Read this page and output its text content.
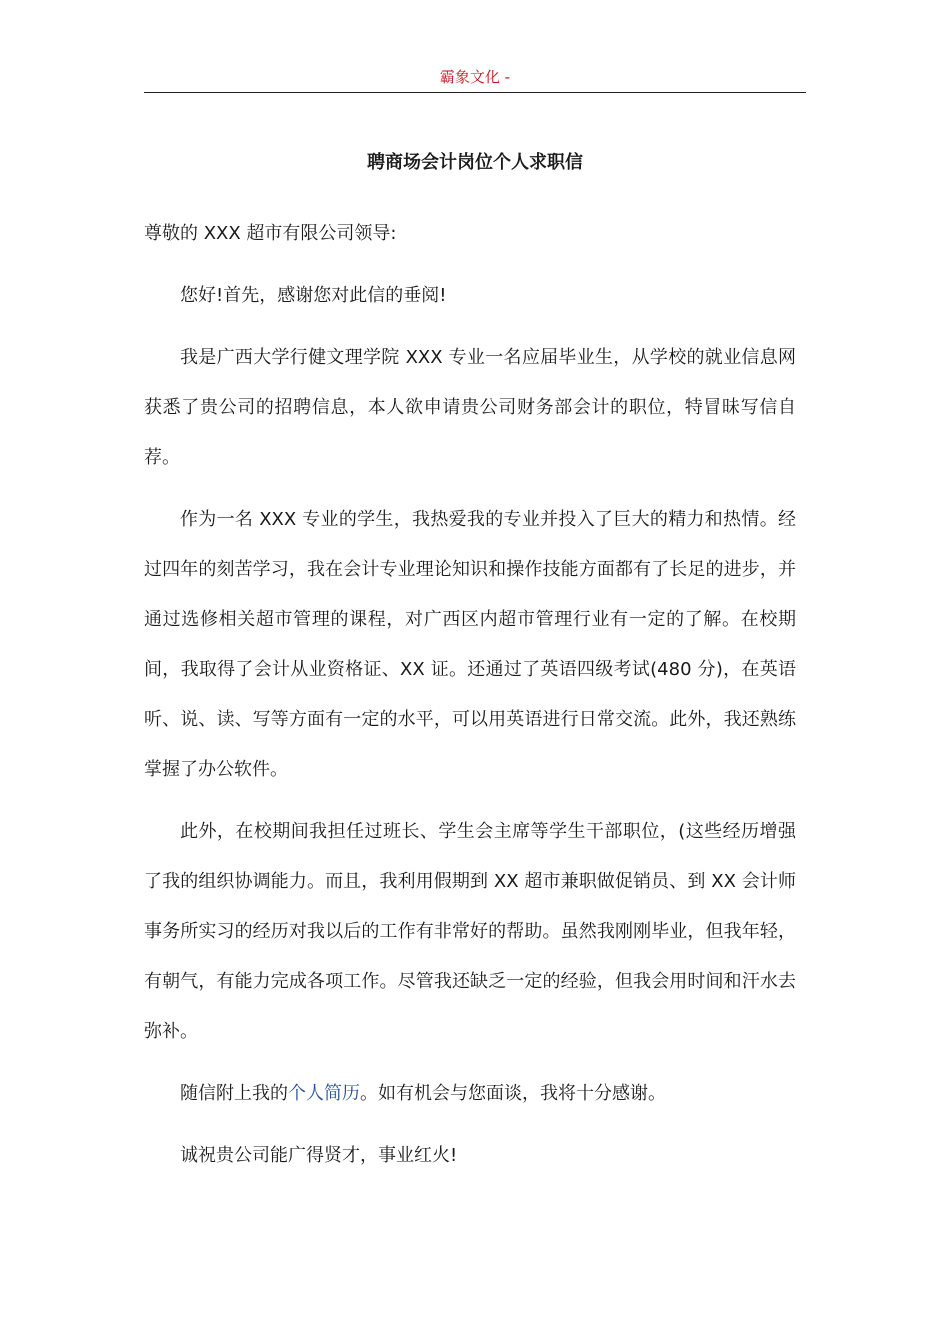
霸象文化 -
聘商场会计岗位个人求职信

尊敬的 XXX 超市有限公司领导:

您好!首先，感谢您对此信的垂阅!

我是广西大学行健文理学院 XXX 专业一名应届毕业生，从学校的就业信息网获悉了贵公司的招聘信息，本人欲申请贵公司财务部会计的职位，特冒昧写信自荐。

作为一名 XXX 专业的学生，我热爱我的专业并投入了巨大的精力和热情。经过四年的刻苦学习，我在会计专业理论知识和操作技能方面都有了长足的进步，并通过选修相关超市管理的课程，对广西区内超市管理行业有一定的了解。在校期间，我取得了会计从业资格证、XX 证。还通过了英语四级考试(480 分)，在英语听、说、读、写等方面有一定的水平，可以用英语进行日常交流。此外，我还熟练掌握了办公软件。

此外，在校期间我担任过班长、学生会主席等学生干部职位，(这些经历增强了我的组织协调能力。而且，我利用假期到 XX 超市兼职做促销员、到 XX 会计师事务所实习的经历对我以后的工作有非常好的帮助。虽然我刚刚毕业，但我年轻，有朝气，有能力完成各项工作。尽管我还缺乏一定的经验，但我会用时间和汗水去弥补。

随信附上我的个人简历。如有机会与您面谈，我将十分感谢。

诚祝贵公司能广得贤才，事业红火!
